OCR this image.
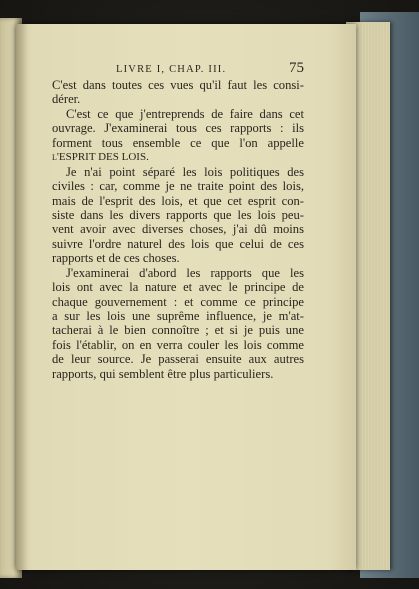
LIVRE I, CHAP. III.	75
C'est dans toutes ces vues qu'il faut les consi-
dérer.
C'est ce que j'entreprends de faire dans cet
ouvrage. J'examinerai tous ces rapports : ils
forment tous ensemble ce que l'on appelle
l'ESPRIT DES LOIS.
Je n'ai point séparé les lois politiques des
civiles : car, comme je ne traite point des lois,
mais de l'esprit des lois, et que cet esprit con-
siste dans les divers rapports que les lois peu-
vent avoir avec diverses choses, j'ai dû moins
suivre l'ordre naturel des lois que celui de ces
rapports et de ces choses.
J'examinerai d'abord les rapports que les
lois ont avec la nature et avec le principe de
chaque gouvernement : et comme ce principe
a sur les lois une suprême influence, je m'at-
tacherai à le bien connoître ; et si je puis une
fois l'établir, on en verra couler les lois comme
de leur source. Je passerai ensuite aux autres
rapports, qui semblent être plus particuliers.
